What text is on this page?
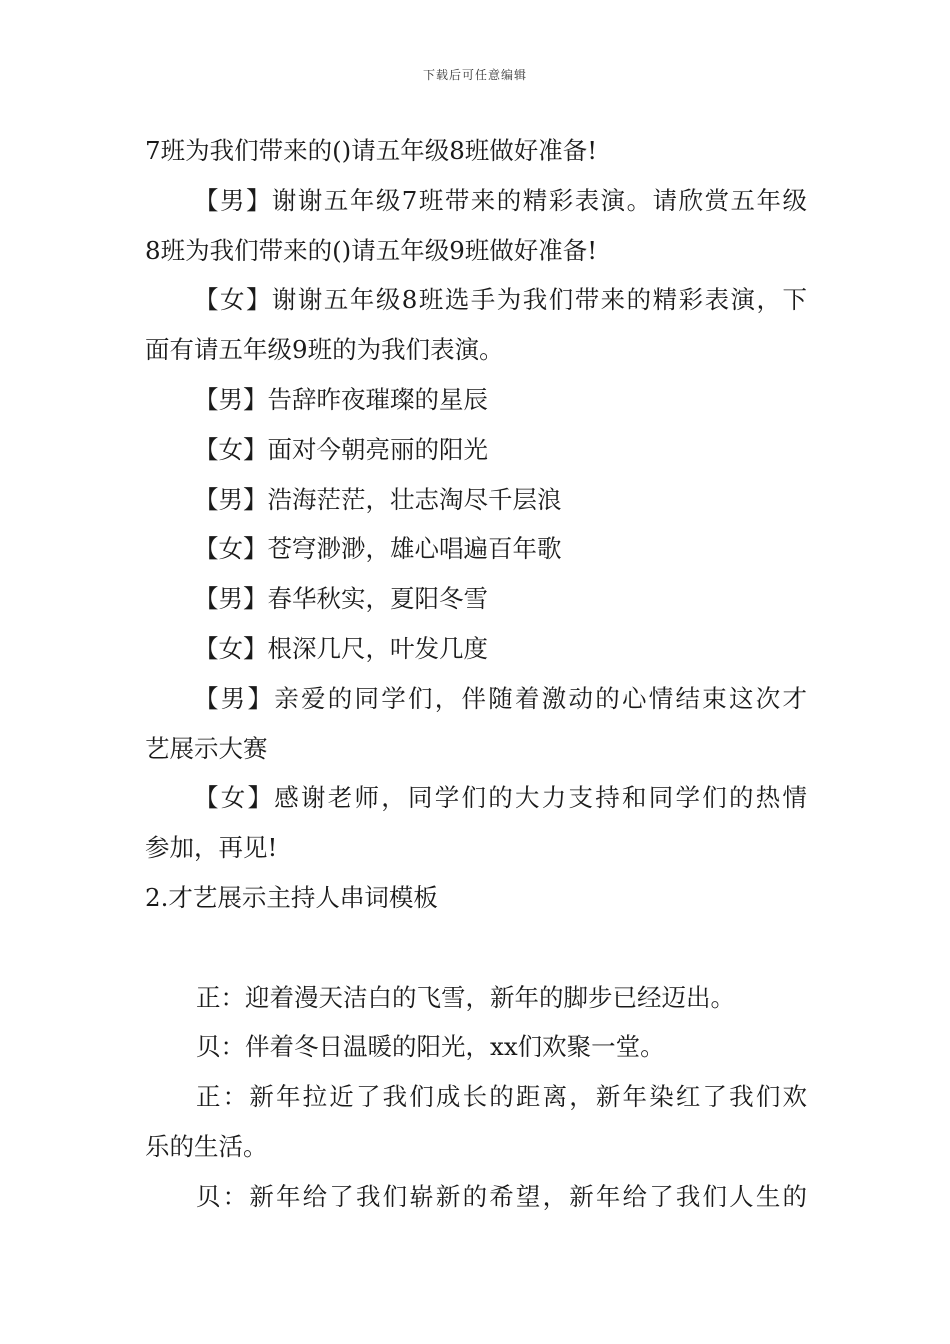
下载后可任意编辑
7班为我们带来的()请五年级8班做好准备!
【男】谢谢五年级7班带来的精彩表演。请欣赏五年级
8班为我们带来的()请五年级9班做好准备!
【女】谢谢五年级8班选手为我们带来的精彩表演，下
面有请五年级9班的为我们表演。
【男】告辞昨夜璀璨的星辰
【女】面对今朝亮丽的阳光
【男】浩海茫茫，壮志淘尽千层浪
【女】苍穹渺渺，雄心唱遍百年歌
【男】春华秋实，夏阳冬雪
【女】根深几尺，叶发几度
【男】亲爱的同学们，伴随着激动的心情结束这次才
艺展示大赛
【女】感谢老师，同学们的大力支持和同学们的热情
参加，再见!
2.才艺展示主持人串词模板
正：迎着漫天洁白的飞雪，新年的脚步已经迈出。
贝：伴着冬日温暖的阳光，xx们欢聚一堂。
正：新年拉近了我们成长的距离，新年染红了我们欢
乐的生活。
贝：新年给了我们崭新的希望，新年给了我们人生的
